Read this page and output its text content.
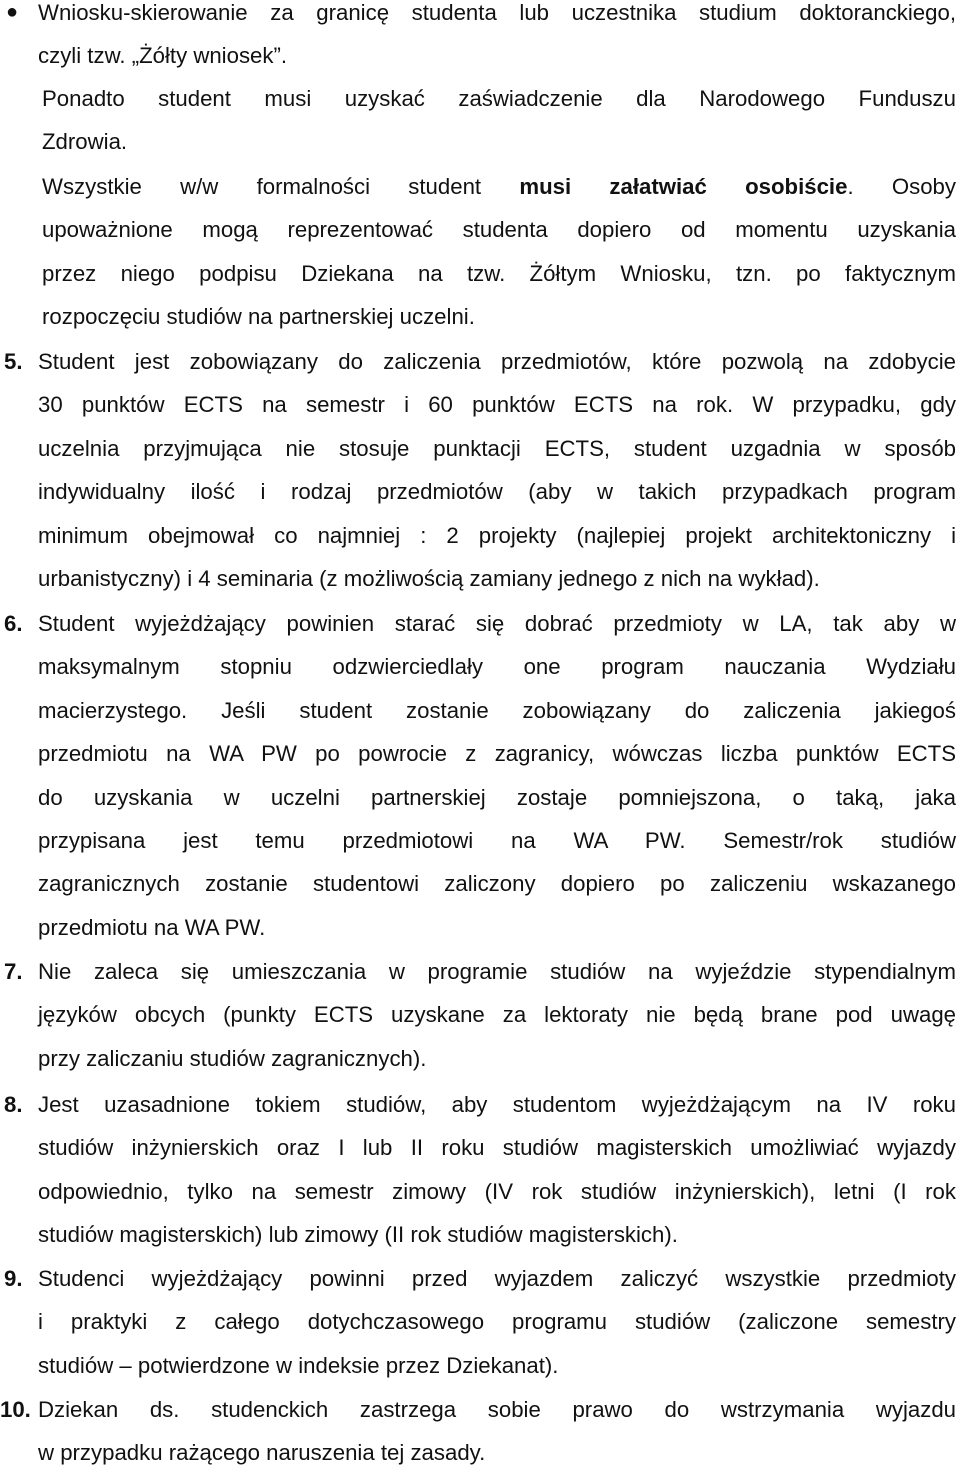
● Wniosku-skierowanie za granicę studenta lub uczestnika studium doktoranckiego,
czyli tzw. „Żółty wniosek”.
Ponadto student musi uzyskać zaświadczenie dla Narodowego Funduszu
Zdrowia.
Wszystkie w/w formalności student musi załatwiać osobiście. Osoby
upoważnione mogą reprezentować studenta dopiero od momentu uzyskania
przez niego podpisu Dziekana na tzw. Żółtym Wniosku, tzn. po faktycznym
rozpoczęciu studiów na partnerskiej uczelni.
5. Student jest zobowiązany do zaliczenia przedmiotów, które pozwolą na zdobycie
30 punktów ECTS na semestr i 60 punktów ECTS na rok. W przypadku, gdy
uczelnia przyjmująca nie stosuje punktacji ECTS, student uzgadnia w sposób
indywidualny ilość i rodzaj przedmiotów (aby w takich przypadkach program
minimum obejmował co najmniej : 2 projekty (najlepiej projekt architektoniczny i
urbanistyczny) i 4 seminaria (z możliwością zamiany jednego z nich na wykład).
6. Student wyjeżdżający powinien starać się dobrać przedmioty w LA, tak aby w
maksymalnym stopniu odzwierciedlały one program nauczania Wydziału
macierzystego. Jeśli student zostanie zobowiązany do zaliczenia jakiegoś
przedmiotu na WA PW po powrocie z zagranicy, wówczas liczba punktów ECTS
do uzyskania w uczelni partnerskiej zostaje pomniejszona, o taką, jaka
przypisana jest temu przedmiotowi na WA PW. Semestr/rok studiów
zagranicznych zostanie studentowi zaliczony dopiero po zaliczeniu wskazanego
przedmiotu na WA PW.
7. Nie zaleca się umieszczania w programie studiów na wyjeździe stypendialnym
języków obcych (punkty ECTS uzyskane za lektoraty nie będą brane pod uwagę
przy zaliczaniu studiów zagranicznych).
8. Jest uzasadnione tokiem studiów, aby studentom wyjeżdżającym na IV roku
studiów inżynierskich oraz I lub II roku studiów magisterskich umożliwiać wyjazdy
odpowiednio, tylko na semestr zimowy (IV rok studiów inżynierskich), letni (I rok
studiów magisterskich) lub zimowy (II rok studiów magisterskich).
9. Studenci wyjeżdżający powinni przed wyjazdem zaliczyć wszystkie przedmioty
i praktyki z całego dotychczasowego programu studiów (zaliczone semestry
studiów – potwierdzone w indeksie przez Dziekanat).
10. Dziekan ds. studenckich zastrzega sobie prawo do wstrzymania wyjazdu
w przypadku rażącego naruszenia tej zasady.
